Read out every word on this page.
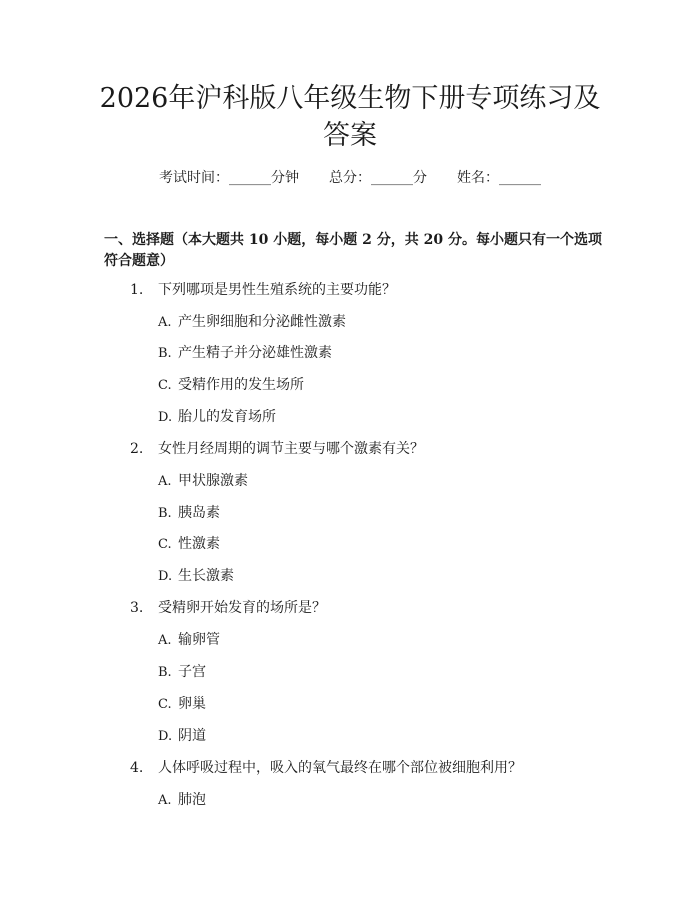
2026年沪科版八年级生物下册专项练习及答案
考试时间：______分钟 总分：______分 姓名：______

一、选择题（本大题共 10 小题，每小题 2 分，共 20 分。每小题只有一个选项符合题意）

1. 下列哪项是男性生殖系统的主要功能？
A. 产生卵细胞和分泌雌性激素
B. 产生精子并分泌雄性激素
C. 受精作用的发生场所
D. 胎儿的发育场所
2. 女性月经周期的调节主要与哪个激素有关？
A. 甲状腺激素
B. 胰岛素
C. 性激素
D. 生长激素
3. 受精卵开始发育的场所是？
A. 输卵管
B. 子宫
C. 卵巢
D. 阴道
4. 人体呼吸过程中，吸入的氧气最终在哪个部位被细胞利用？
A. 肺泡
